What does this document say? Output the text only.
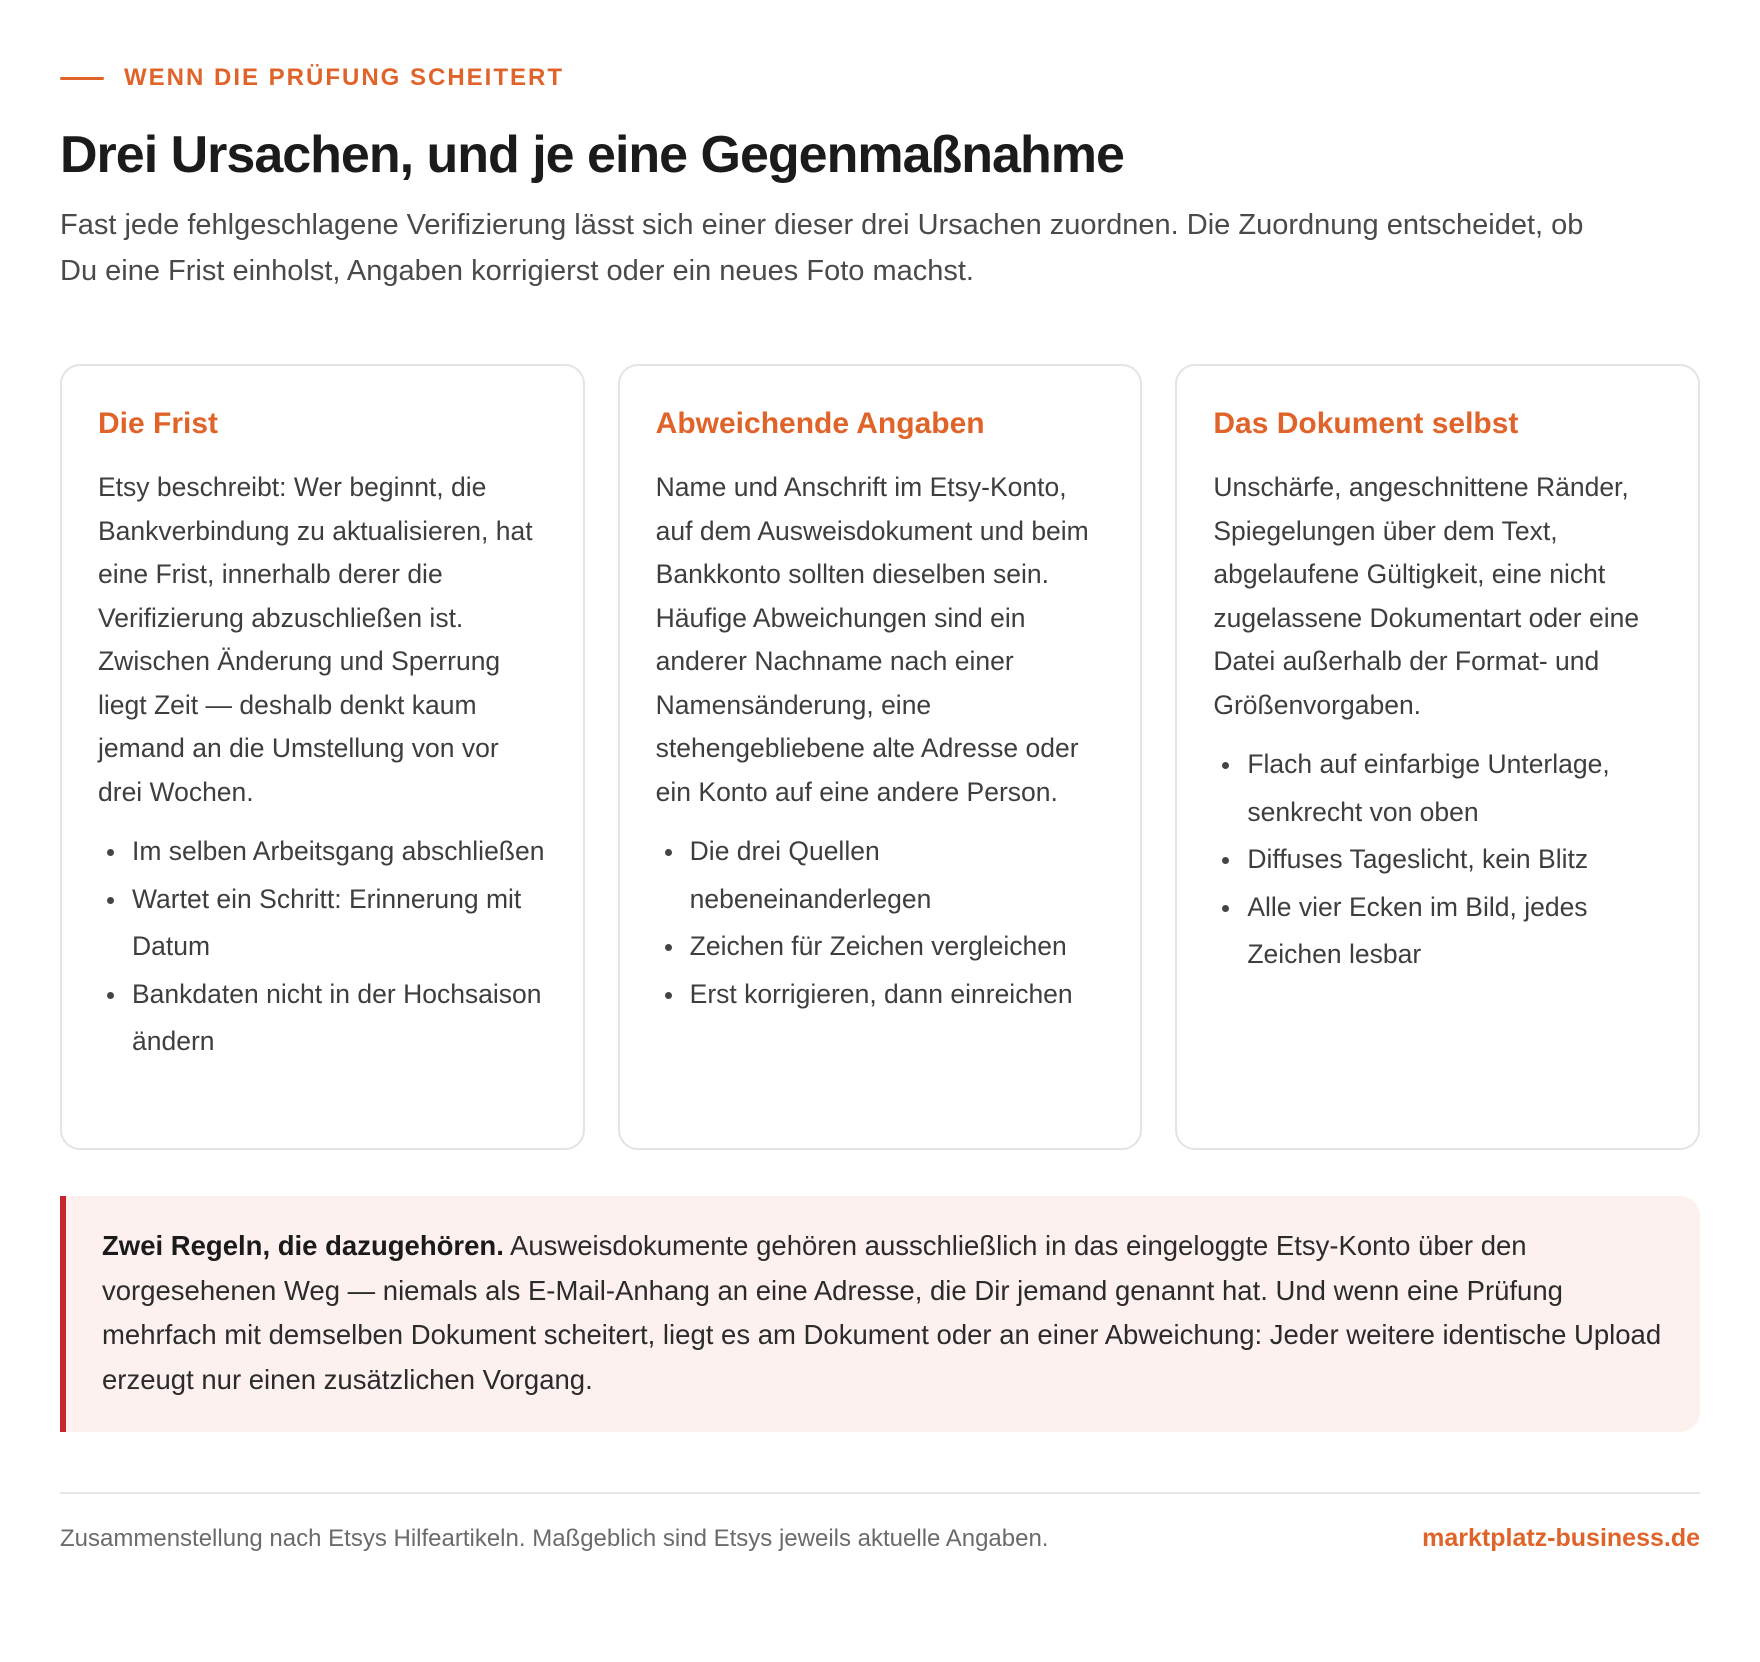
WENN DIE PRÜFUNG SCHEITERT
Drei Ursachen, und je eine Gegenmaßnahme

Fast jede fehlgeschlagene Verifizierung lässt sich einer dieser drei Ursachen zuordnen. Die Zuordnung entscheidet, ob Du eine Frist einholst, Angaben korrigierst oder ein neues Foto machst.

Die Frist

Etsy beschreibt: Wer beginnt, die Bankverbindung zu aktualisieren, hat eine Frist, innerhalb derer die Verifizierung abzuschließen ist. Zwischen Änderung und Sperrung liegt Zeit — deshalb denkt kaum jemand an die Umstellung von vor drei Wochen.

Im selben Arbeitsgang abschließen
Wartet ein Schritt: Erinnerung mit Datum
Bankdaten nicht in der Hochsaison ändern
Abweichende Angaben

Name und Anschrift im Etsy-Konto, auf dem Ausweisdokument und beim Bankkonto sollten dieselben sein. Häufige Abweichungen sind ein anderer Nachname nach einer Namensänderung, eine stehengebliebene alte Adresse oder ein Konto auf eine andere Person.

Die drei Quellen nebeneinanderlegen
Zeichen für Zeichen vergleichen
Erst korrigieren, dann einreichen
Das Dokument selbst

Unschärfe, angeschnittene Ränder, Spiegelungen über dem Text, abgelaufene Gültigkeit, eine nicht zugelassene Dokumentart oder eine Datei außerhalb der Format- und Größenvorgaben.

Flach auf einfarbige Unterlage, senkrecht von oben
Diffuses Tageslicht, kein Blitz
Alle vier Ecken im Bild, jedes Zeichen lesbar
Zwei Regeln, die dazugehören. Ausweisdokumente gehören ausschließlich in das eingeloggte Etsy-Konto über den vorgesehenen Weg — niemals als E-Mail-Anhang an eine Adresse, die Dir jemand genannt hat. Und wenn eine Prüfung mehrfach mit demselben Dokument scheitert, liegt es am Dokument oder an einer Abweichung: Jeder weitere identische Upload erzeugt nur einen zusätzlichen Vorgang.
Zusammenstellung nach Etsys Hilfeartikeln. Maßgeblich sind Etsys jeweils aktuelle Angaben.	marktplatz-business.de
